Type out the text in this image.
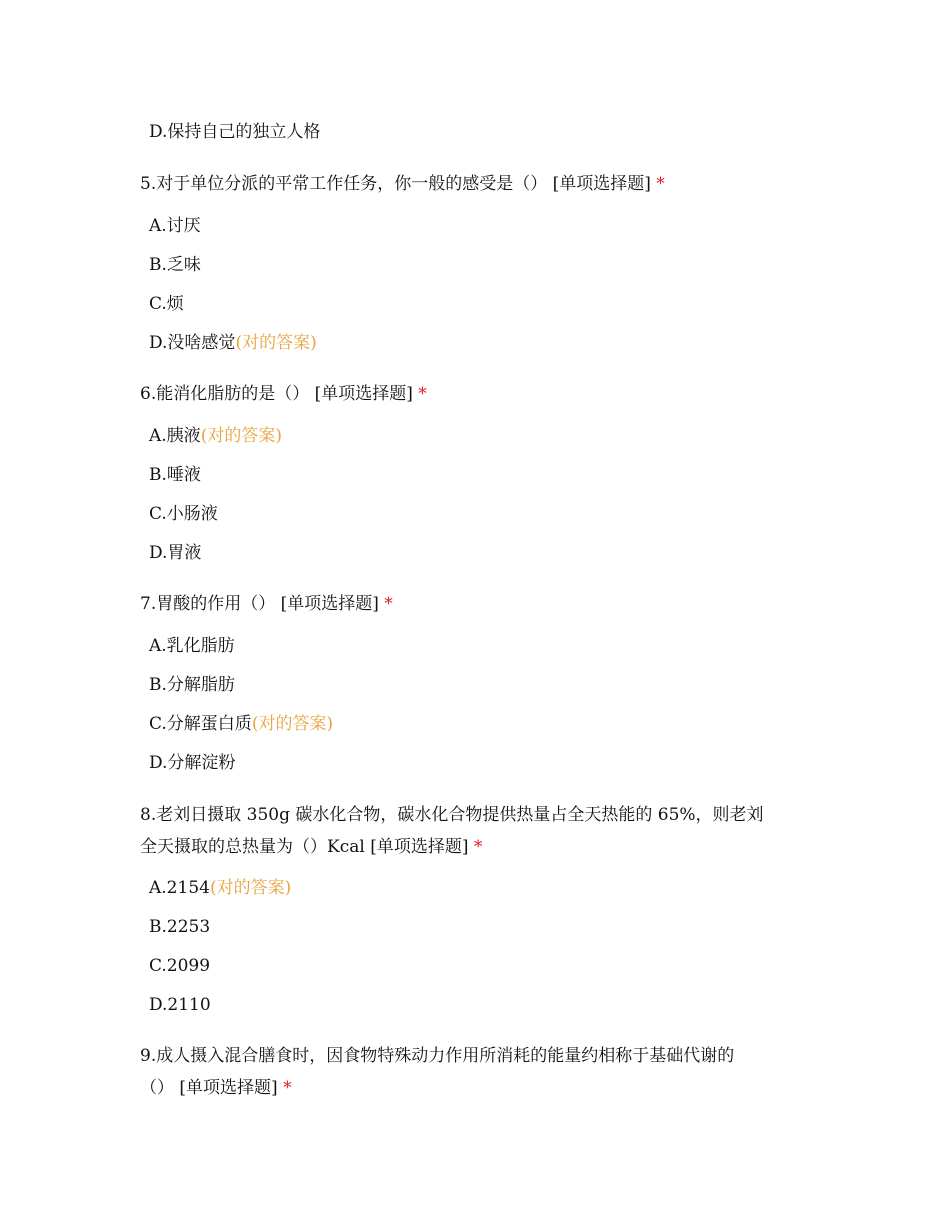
D.保持自己的独立人格
5.对于单位分派的平常工作任务，你一般的感受是（） [单项选择题] *
A.讨厌
B.乏味
C.烦
D.没啥感觉(对的答案)
6.能消化脂肪的是（） [单项选择题] *
A.胰液(对的答案)
B.唾液
C.小肠液
D.胃液
7.胃酸的作用（） [单项选择题] *
A.乳化脂肪
B.分解脂肪
C.分解蛋白质(对的答案)
D.分解淀粉
8.老刘日摄取 350g 碳水化合物，碳水化合物提供热量占全天热能的 65%，则老刘
全天摄取的总热量为（）Kcal [单项选择题] *
A.2154(对的答案)
B.2253
C.2099
D.2110
9.成人摄入混合膳食时，因食物特殊动力作用所消耗的能量约相称于基础代谢的
（） [单项选择题] *
